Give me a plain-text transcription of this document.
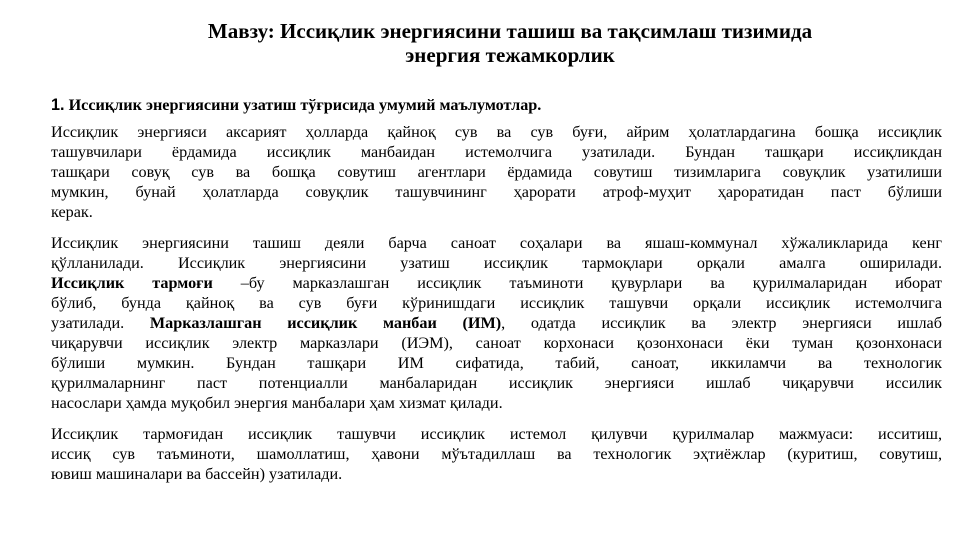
Мавзу: Иссиқлик энергиясини ташиш ва тақсимлаш тизимида
энергия тежамкорлик
1. Иссиқлик энергиясини узатиш тўғрисида умумий маълумотлар.
Иссиқлик энергияси аксарият ҳолларда қайноқ сув ва сув буғи, айрим ҳолатлардагина бошқа иссиқлик
ташувчилари ёрдамида иссиқлик манбаидан истемолчига узатилади. Бундан ташқари иссиқликдан
ташқари совуқ сув ва бошқа совутиш агентлари ёрдамида совутиш тизимларига совуқлик узатилиши
мумкин, бунай ҳолатларда совуқлик ташувчининг ҳарорати атроф-муҳит ҳароратидан паст бўлиши
керак.
Иссиқлик энергиясини ташиш деяли барча саноат соҳалари ва яшаш-коммунал хўжаликларида кенг
қўлланилади. Иссиқлик энергиясини узатиш иссиқлик тармоқлари орқали амалга оширилади.
Иссиқлик тармоғи –бу марказлашган иссиқлик таъминоти қувурлари ва қурилмаларидан иборат
бўлиб, бунда қайноқ ва сув буғи кўринишдаги иссиқлик ташувчи орқали иссиқлик истемолчига
узатилади. Марказлашган иссиқлик манбаи (ИМ), одатда иссиқлик ва электр энергияси ишлаб
чиқарувчи иссиқлик электр марказлари (ИЭМ), саноат корхонаси қозонхонаси ёки туман қозонхонаси
бўлиши мумкин. Бундан ташқари ИМ сифатида, табий, саноат, иккиламчи ва технологик
қурилмаларнинг паст потенциалли манбаларидан иссиқлик энергияси ишлаб чиқарувчи иссилик
насослари ҳамда муқобил энергия манбалари ҳам хизмат қилади.
Иссиқлик тармоғидан иссиқлик ташувчи иссиқлик истемол қилувчи қурилмалар мажмуаси: исситиш,
иссиқ сув таъминоти, шамоллатиш, ҳавони мўътадиллаш ва технологик эҳтиёжлар (куритиш, совутиш,
ювиш машиналари ва бассейн) узатилади.
